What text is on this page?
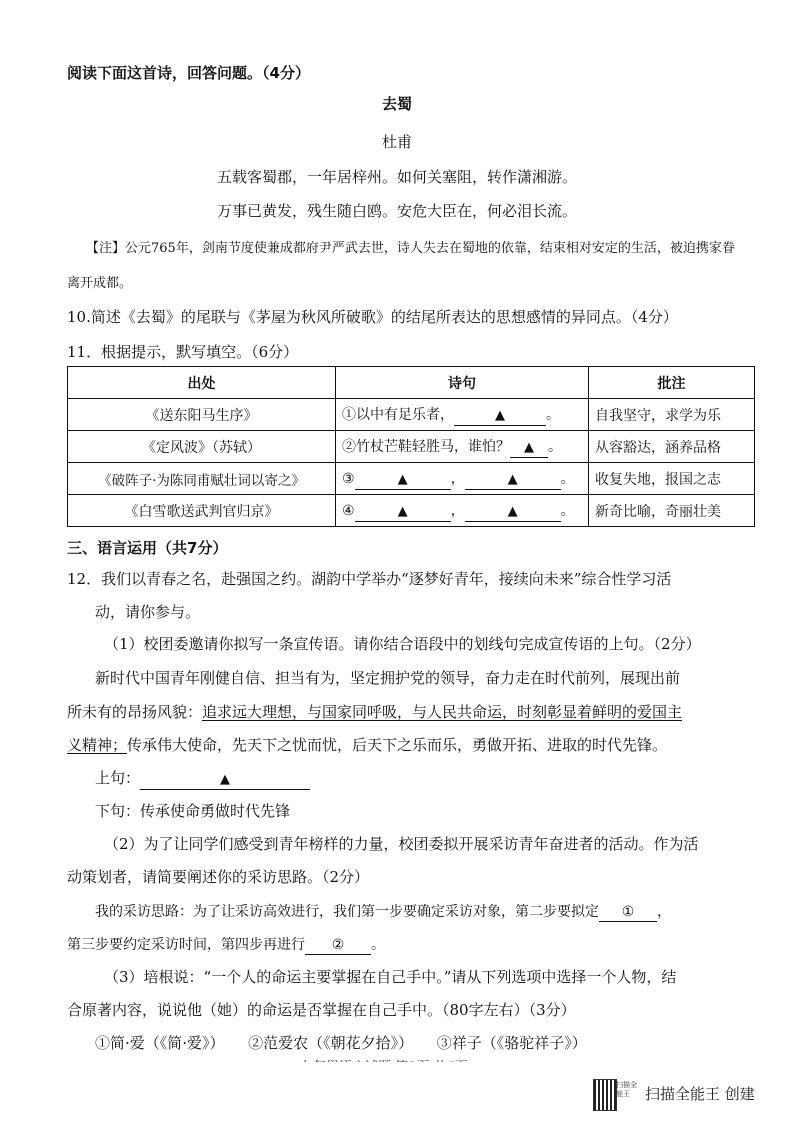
阅读下面这首诗，回答问题。（4分）
去蜀
杜甫
五载客蜀郡，一年居梓州。如何关塞阻，转作潇湘游。
万事已黄发，残生随白鸥。安危大臣在，何必泪长流。
【注】公元765年，剑南节度使兼成都府尹严武去世，诗人失去在蜀地的依靠，结束相对安定的生活，被迫携家眷
离开成都。
10.简述《去蜀》的尾联与《茅屋为秋风所破歌》的结尾所表达的思想感情的异同点。（4分）
11．根据提示，默写填空。（6分）
出处	诗句	批注
《送东阳马生序》	①以中有足乐者， ▲ 。	自我坚守，求学为乐
《定风波》（苏轼）	②竹杖芒鞋轻胜马，谁怕？ ▲ 。	从容豁达，涵养品格
《破阵子·为陈同甫赋壮词以寄之》	③ ▲ ， ▲ 。	收复失地，报国之志
《白雪歌送武判官归京》	④ ▲ ， ▲ 。	新奇比喻，奇丽壮美
三、语言运用（共7分）
12．我们以青春之名，赴强国之约。湖韵中学举办“逐梦好青年，接续向未来”综合性学习活
动，请你参与。
（1）校团委邀请你拟写一条宣传语。请你结合语段中的划线句完成宣传语的上句。（2分）
新时代中国青年刚健自信、担当有为，坚定拥护党的领导，奋力走在时代前列，展现出前
所未有的昂扬风貌：追求远大理想，与国家同呼吸，与人民共命运，时刻彰显着鲜明的爱国主
义精神；传承伟大使命，先天下之忧而忧，后天下之乐而乐，勇做开拓、进取的时代先锋。
上句：	▲
下句：传承使命勇做时代先锋
（2）为了让同学们感受到青年榜样的力量，校团委拟开展采访青年奋进者的活动。作为活
动策划者，请简要阐述你的采访思路。（2分）
我的采访思路：为了让采访高效进行，我们第一步要确定采访对象，第二步要拟定 ① ，
第三步要约定采访时间，第四步再进行 ② 。
（3）培根说：“一个人的命运主要掌握在自己手中。”请从下列选项中选择一个人物，结
合原著内容，说说他（她）的命运是否掌握在自己手中。（80字左右）（3分）
①简·爱（《简·爱》） ②范爱农（《朝花夕拾》） ③祥子（《骆驼祥子》）
扫描全能王	扫描全能王 创建
